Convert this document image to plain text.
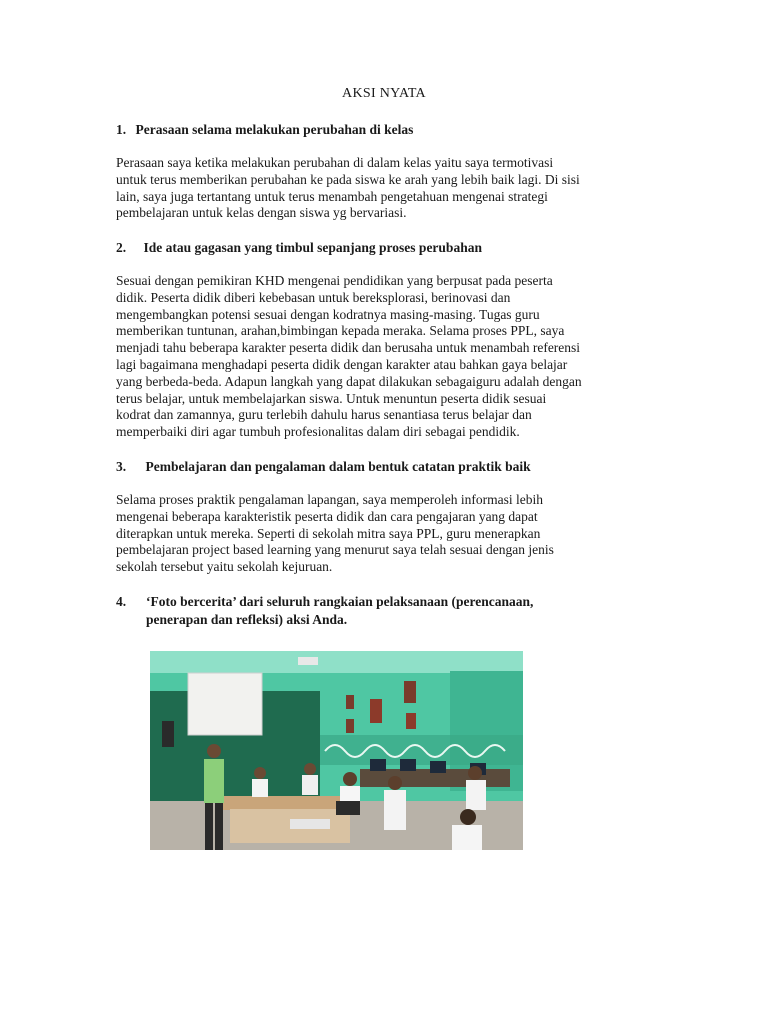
AKSI NYATA
1. Perasaan selama melakukan perubahan di kelas
Perasaan saya ketika melakukan perubahan di dalam kelas yaitu saya termotivasi
untuk terus memberikan perubahan ke pada siswa ke arah yang lebih baik lagi. Di sisi
lain, saya juga tertantang untuk terus menambah pengetahuan mengenai strategi
pembelajaran untuk kelas dengan siswa yg bervariasi.
2. Ide atau gagasan yang timbul sepanjang proses perubahan
Sesuai dengan pemikiran KHD mengenai pendidikan yang berpusat pada peserta
didik. Peserta didik diberi kebebasan untuk bereksplorasi, berinovasi dan
mengembangkan potensi sesuai dengan kodratnya masing-masing. Tugas guru
memberikan tuntunan, arahan,bimbingan kepada meraka. Selama proses PPL, saya
menjadi tahu beberapa karakter peserta didik dan berusaha untuk menambah referensi
lagi bagaimana menghadapi peserta didik dengan karakter atau bahkan gaya belajar
yang berbeda-beda. Adapun langkah yang dapat dilakukan sebagaiguru adalah dengan
terus belajar, untuk membelajarkan siswa. Untuk menuntun peserta didik sesuai
kodrat dan zamannya, guru terlebih dahulu harus senantiasa terus belajar dan
memperbaiki diri agar tumbuh profesionalitas dalam diri sebagai pendidik.
3. Pembelajaran dan pengalaman dalam bentuk catatan praktik baik
Selama proses praktik pengalaman lapangan, saya memperoleh informasi lebih
mengenai beberapa karakteristik peserta didik dan cara pengajaran yang dapat
diterapkan untuk mereka. Seperti di sekolah mitra saya PPL, guru menerapkan
pembelajaran project based learning yang menurut saya telah sesuai dengan jenis
sekolah tersebut yaitu sekolah kejuruan.
4. ‘Foto bercerita’ dari seluruh rangkaian pelaksanaan (perencanaan,
penerapan dan refleksi) aksi Anda.
